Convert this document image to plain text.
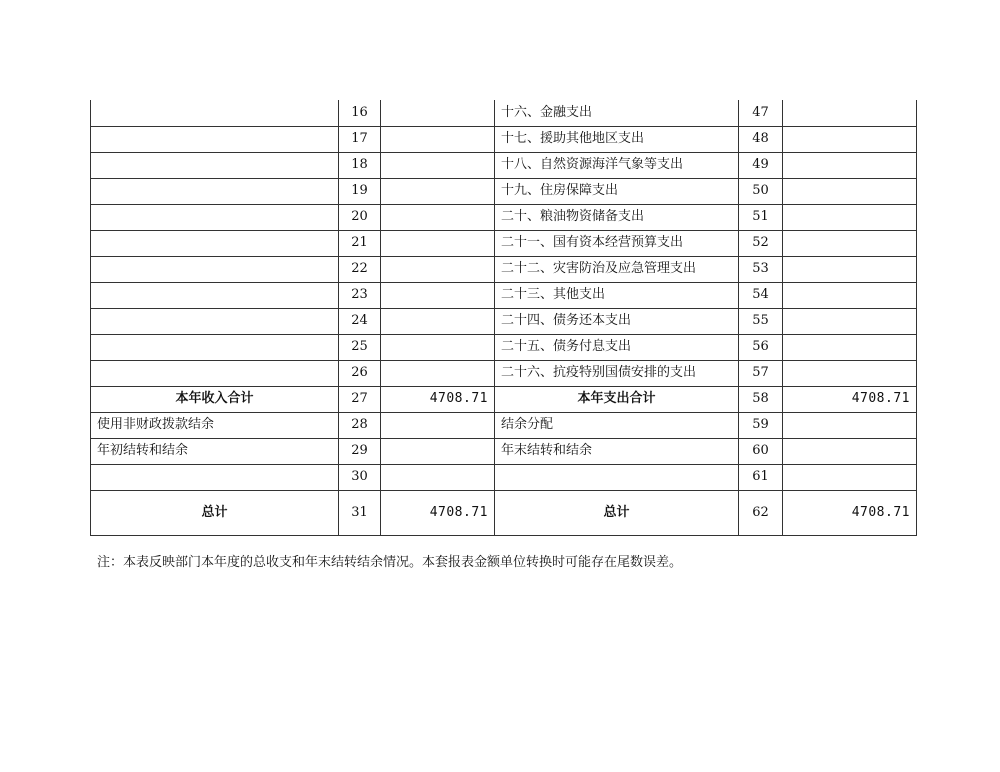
	16		十六、金融支出	47	
	17		十七、援助其他地区支出	48	
	18		十八、自然资源海洋气象等支出	49	
	19		十九、住房保障支出	50	
	20		二十、粮油物资储备支出	51	
	21		二十一、国有资本经营预算支出	52	
	22		二十二、灾害防治及应急管理支出	53	
	23		二十三、其他支出	54	
	24		二十四、债务还本支出	55	
	25		二十五、债务付息支出	56	
	26		二十六、抗疫特别国债安排的支出	57	
本年收入合计	27	4708.71	本年支出合计	58	4708.71
使用非财政拨款结余	28		结余分配	59	
年初结转和结余	29		年末结转和结余	60	
	30			61	
总计	31	4708.71	总计	62	4708.71
注：本表反映部门本年度的总收支和年末结转结余情况。本套报表金额单位转换时可能存在尾数误差。
